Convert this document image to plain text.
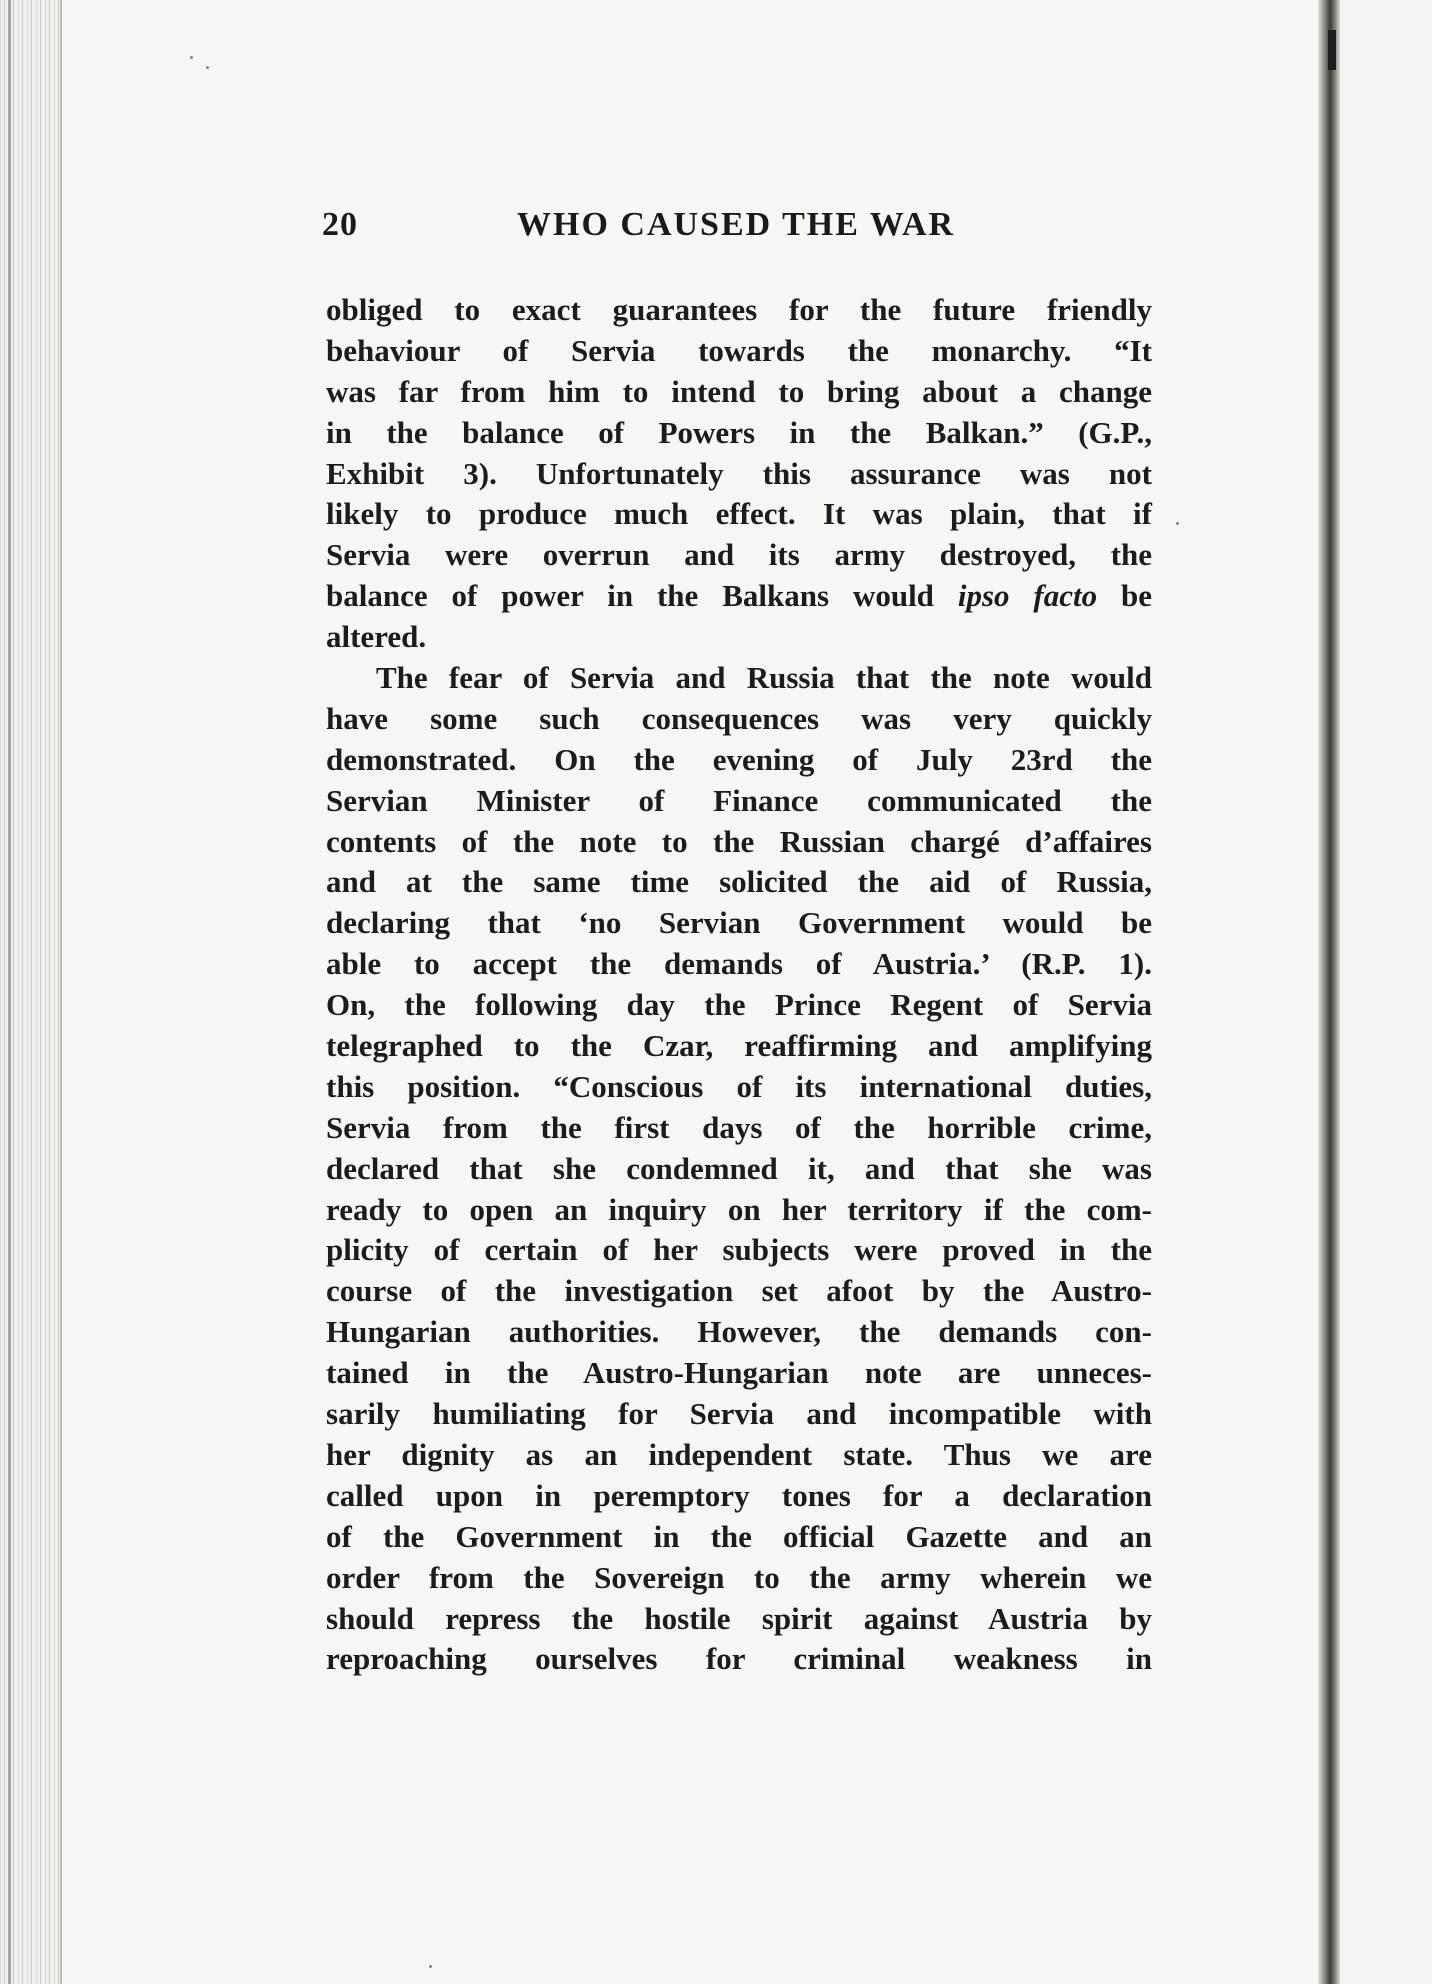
20	WHO CAUSED THE WAR
obliged to exact guarantees for the future friendly
behaviour of Servia towards the monarchy. “It
was far from him to intend to bring about a change
in the balance of Powers in the Balkan.” (G.P.,
Exhibit 3). Unfortunately this assurance was not
likely to produce much effect. It was plain, that if
Servia were overrun and its army destroyed, the
balance of power in the Balkans would ipso facto be
altered.
The fear of Servia and Russia that the note would
have some such consequences was very quickly
demonstrated. On the evening of July 23rd the
Servian Minister of Finance communicated the
contents of the note to the Russian chargé d’affaires
and at the same time solicited the aid of Russia,
declaring that ‘no Servian Government would be
able to accept the demands of Austria.’ (R.P. 1).
On, the following day the Prince Regent of Servia
telegraphed to the Czar, reaffirming and amplifying
this position. “Conscious of its international duties,
Servia from the first days of the horrible crime,
declared that she condemned it, and that she was
ready to open an inquiry on her territory if the com-
plicity of certain of her subjects were proved in the
course of the investigation set afoot by the Austro-
Hungarian authorities. However, the demands con-
tained in the Austro-Hungarian note are unneces-
sarily humiliating for Servia and incompatible with
her dignity as an independent state. Thus we are
called upon in peremptory tones for a declaration
of the Government in the official Gazette and an
order from the Sovereign to the army wherein we
should repress the hostile spirit against Austria by
reproaching ourselves for criminal weakness in
